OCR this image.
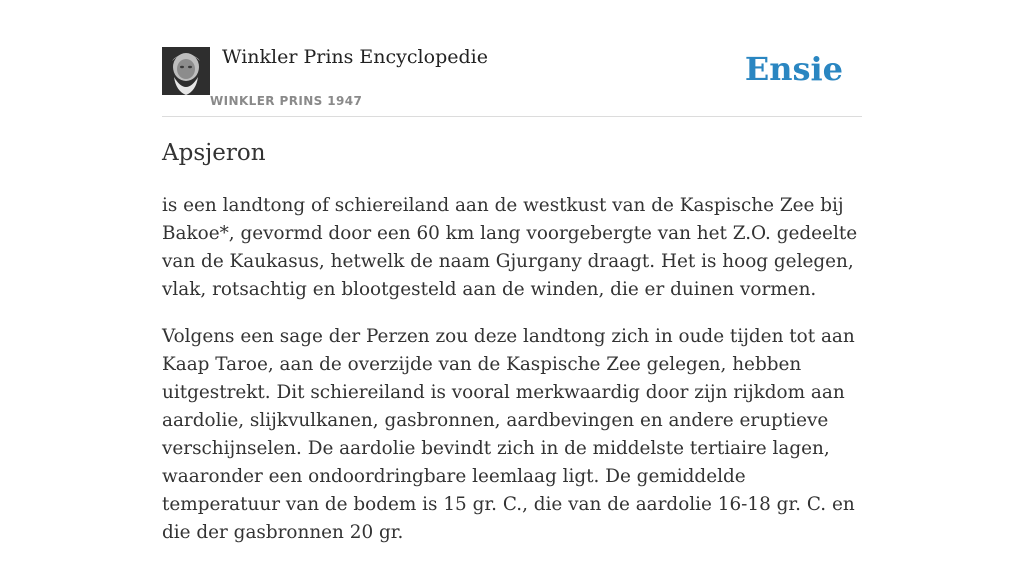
Winkler Prins Encyclopedie
WINKLER PRINS 1947
Ensie
Apsjeron

is een landtong of schiereiland aan de westkust van de Kaspische Zee bij Bakoe*, gevormd door een 60 km lang voorgebergte van het Z.O. gedeelte van de Kaukasus, hetwelk de naam Gjurgany draagt. Het is hoog gelegen, vlak, rotsachtig en blootgesteld aan de winden, die er duinen vormen.

Volgens een sage der Perzen zou deze landtong zich in oude tijden tot aan Kaap Taroe, aan de overzijde van de Kaspische Zee gelegen, hebben uitgestrekt. Dit schiereiland is vooral merkwaardig door zijn rijkdom aan aardolie, slijkvulkanen, gasbronnen, aardbevingen en andere eruptieve verschijnselen. De aardolie bevindt zich in de middelste tertiaire lagen, waaronder een ondoordringbare leemlaag ligt. De gemiddelde temperatuur van de bodem is 15 gr. C., die van de aardolie 16-18 gr. C. en die der gasbronnen 20 gr.
